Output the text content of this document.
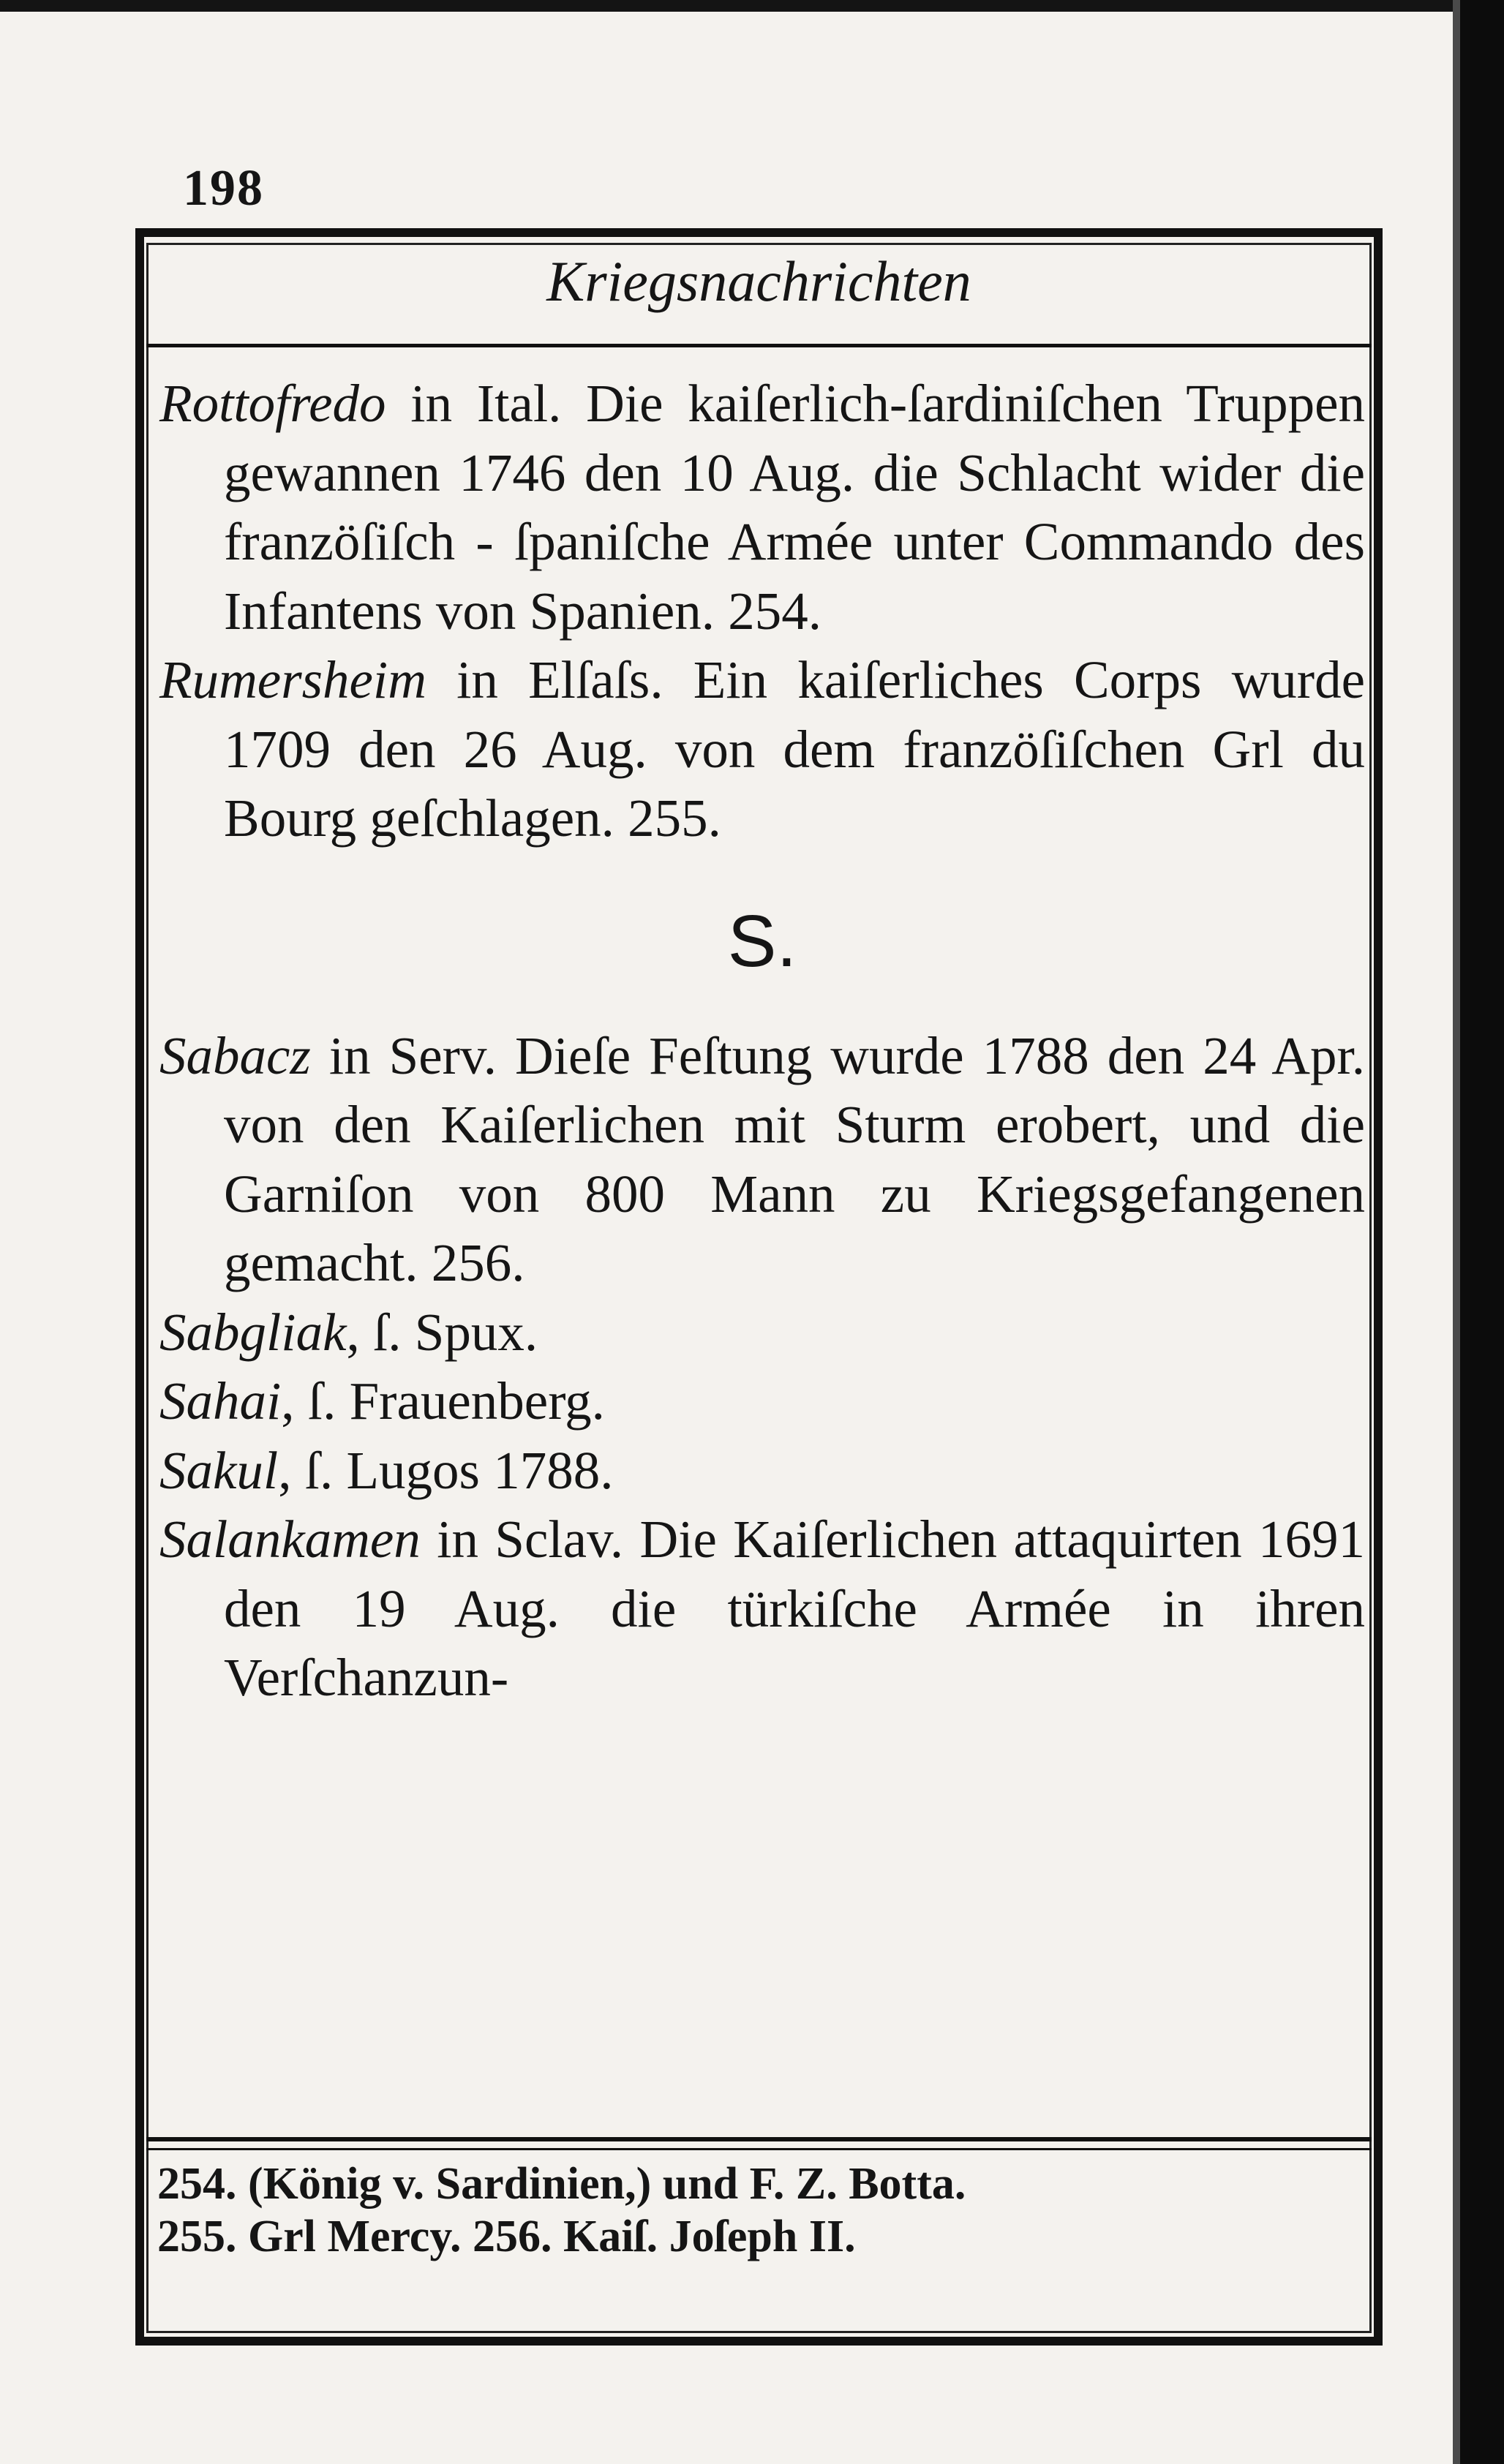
198
Kriegsnachrichten
Rottofredo in Ital. Die kaiſerlich-ſardiniſchen Truppen gewannen 1746 den 10 Aug. die Schlacht wider die franzöſiſch - ſpaniſche Armée unter Commando des Infantens von Spanien. 254.
Rumersheim in Elſaſs. Ein kaiſerliches Corps wurde 1709 den 26 Aug. von dem franzöſiſchen Grl du Bourg geſchlagen. 255.
S.
Sabacz in Serv. Dieſe Feſtung wurde 1788 den 24 Apr. von den Kaiſerlichen mit Sturm erobert, und die Garniſon von 800 Mann zu Kriegsgefangenen gemacht. 256.
Sabgliak, ſ. Spux.
Sahai, ſ. Frauenberg.
Sakul, ſ. Lugos 1788.
Salankamen in Sclav. Die Kaiſerlichen attaquirten 1691 den 19 Aug. die türkiſche Armée in ihren Verſchanzun-
254. (König v. Sardinien,) und F. Z. Botta.
255. Grl Mercy. 256. Kaiſ. Joſeph II.
